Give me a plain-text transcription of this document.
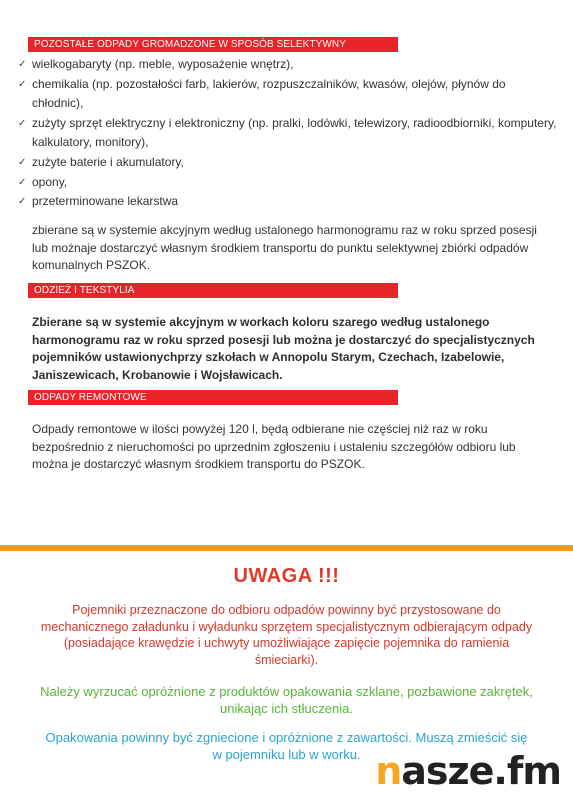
POZOSTAŁE ODPADY GROMADZONE W SPOSÓB SELEKTYWNY
✓ wielkogabaryty (np. meble, wyposażenie wnętrz),
✓ chemikalia (np. pozostałości farb, lakierów, rozpuszczalników, kwasów, olejów, płynów do chłodnic),
✓ zużyty sprzęt elektryczny i elektroniczny (np. pralki, lodówki, telewizory, radioodbiorniki, komputery, kalkulatory, monitory),
✓ zużyte baterie i akumulatory,
✓ opony,
✓ przeterminowane lekarstwa
zbierane są w systemie akcyjnym według ustalonego harmonogramu raz w roku sprzed posesji lub możnaje dostarczyć własnym środkiem transportu do punktu selektywnej zbiórki odpadów komunalnych PSZOK.
ODZIEŻ I TEKSTYLIA
Zbierane są w systemie akcyjnym w workach koloru szarego według ustalonego harmonogramu raz w roku sprzed posesji lub można je dostarczyć do specjalistycznych pojemników ustawionychprzy szkołach w Annopolu Starym, Czechach, Izabelowie, Janiszewicach, Krobanowie i Wojsławicach.
ODPADY REMONTOWE
Odpady remontowe w ilości powyżej 120 l, będą odbierane nie częściej niż raz w roku bezpośrednio z nieruchomości po uprzednim zgłoszeniu i ustaleniu szczegółów odbioru lub można je dostarczyć własnym środkiem transportu do PSZOK.
UWAGA !!!
Pojemniki przeznaczone do odbioru odpadów powinny być przystosowane do mechanicznego załadunku i wyładunku sprzętem specjalistycznym odbierającym odpady (posiadające krawędzie i uchwyty umożliwiające zapięcie pojemnika do ramienia śmieciarki).
Należy wyrzucać opróżnione z produktów opakowania szklane, pozbawione zakrętek, unikając ich stłuczenia.
Opakowania powinny być zgniecione i opróżnione z zawartości. Muszą zmieścić się w pojemniku lub w worku. nasze.fm
